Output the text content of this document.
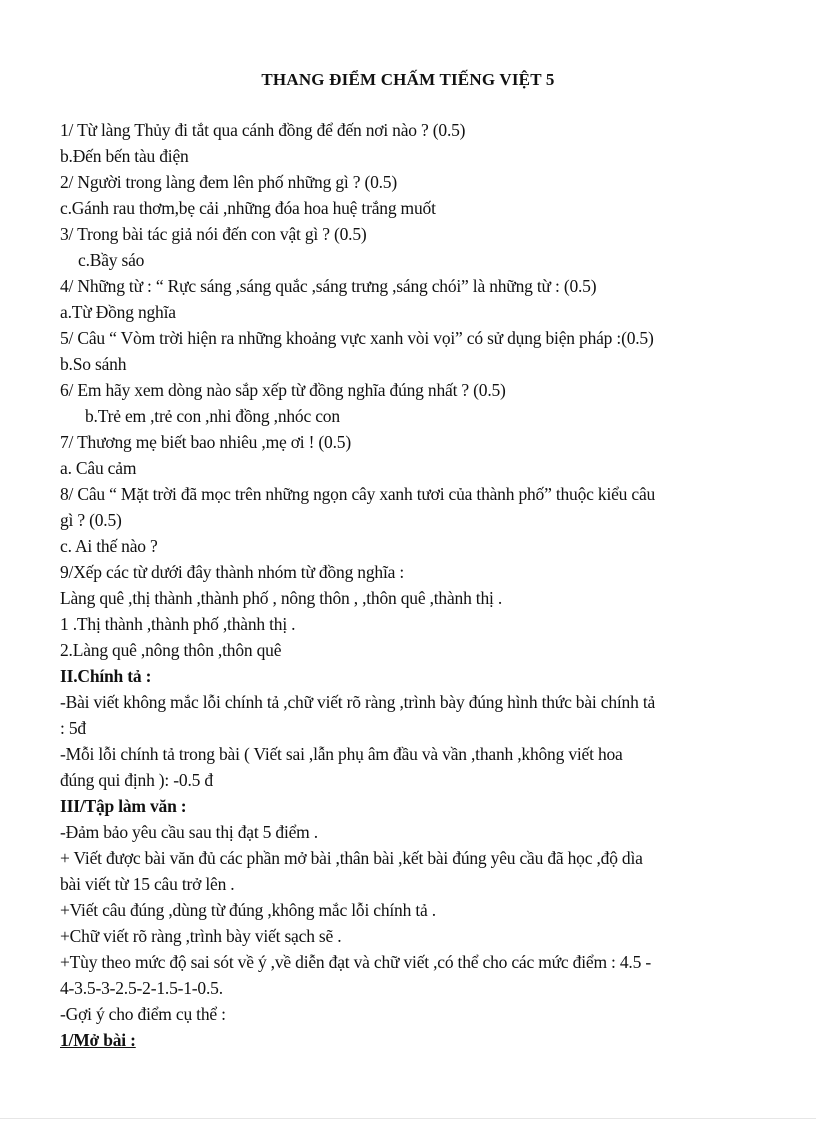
THANG ĐIỂM CHẤM TIẾNG VIỆT 5
1/ Từ làng Thủy đi tắt qua cánh đồng để đến nơi nào ? (0.5)
b.Đến bến tàu điện
2/ Người trong làng đem lên phố những gì ? (0.5)
c.Gánh rau thơm,bẹ cải ,những đóa hoa huệ trắng muốt
3/ Trong bài tác giả nói đến con vật gì ? (0.5)
c.Bầy sáo
4/ Những từ : “ Rực sáng ,sáng quắc ,sáng trưng ,sáng chói” là những từ : (0.5)
a.Từ Đồng nghĩa
5/ Câu “ Vòm trời hiện ra những khoảng vực xanh vòi vọi” có sử dụng biện pháp :(0.5)
b.So sánh
6/ Em hãy xem dòng nào sắp xếp từ đồng nghĩa đúng nhất ? (0.5)
b.Trẻ em ,trẻ con ,nhi đồng ,nhóc con
7/ Thương mẹ biết bao nhiêu ,mẹ ơi ! (0.5)
a. Câu cảm
8/ Câu “ Mặt trời đã mọc trên những ngọn cây xanh tươi của thành phố” thuộc kiểu câu
gì ? (0.5)
c. Ai thế nào ?
9/Xếp các từ dưới đây thành nhóm từ đồng nghĩa :
Làng quê ,thị thành ,thành phố , nông thôn , ,thôn quê ,thành thị .
1 .Thị thành ,thành phố ,thành thị .
2.Làng quê ,nông thôn ,thôn quê
II.Chính tả :
-Bài viết không mắc lỗi chính tả ,chữ viết rõ ràng ,trình bày đúng hình thức bài chính tả
: 5đ
-Mỗi lỗi chính tả trong bài ( Viết sai ,lẫn phụ âm đầu và vần ,thanh ,không viết hoa
đúng qui định ): -0.5 đ
III/Tập làm văn :
-Đảm bảo yêu cầu sau thị đạt 5 điểm .
+ Viết được bài văn đủ các phần mở bài ,thân bài ,kết bài đúng yêu cầu đã học ,độ dìa
bài viết từ 15 câu trở lên .
+Viết câu đúng ,dùng từ đúng ,không mắc lỗi chính tả .
+Chữ viết rõ ràng ,trình bày viết sạch sẽ .
+Tùy theo mức độ sai sót về ý ,về diễn đạt và chữ viết ,có thể cho các mức điểm : 4.5 -
4-3.5-3-2.5-2-1.5-1-0.5.
-Gợi ý cho điểm cụ thể :
1/Mở bài :
